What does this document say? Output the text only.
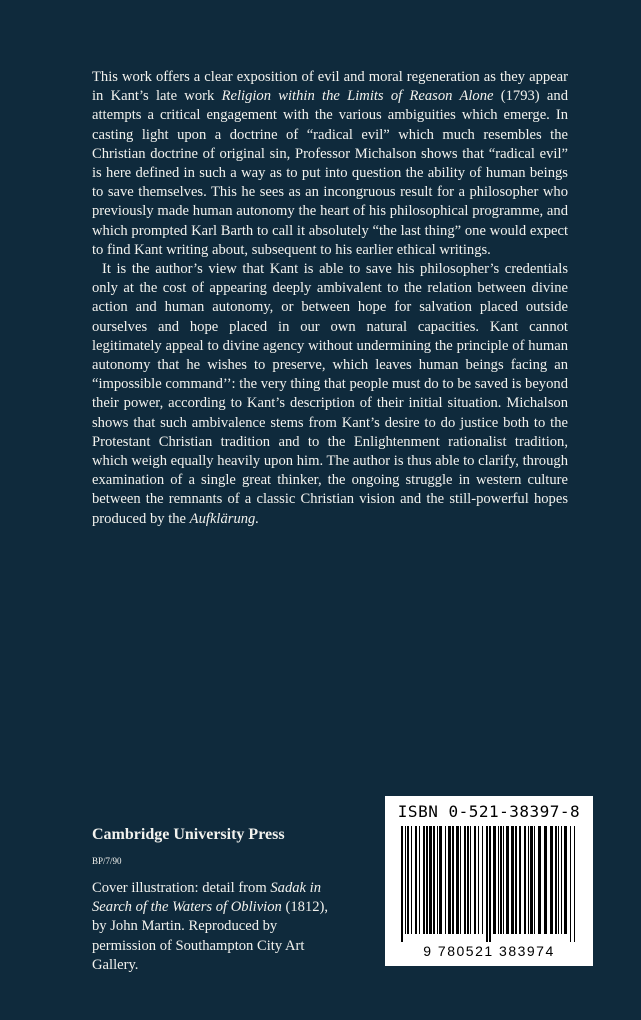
This work offers a clear exposition of evil and moral regeneration as they appear in Kant’s late work Religion within the Limits of Reason Alone (1793) and attempts a critical engagement with the various ambiguities which emerge. In casting light upon a doctrine of “radical evil” which much resembles the Christian doctrine of original sin, Professor Michalson shows that “radical evil” is here defined in such a way as to put into question the ability of human beings to save themselves. This he sees as an incongruous result for a philosopher who previously made human autonomy the heart of his philosophical programme, and which prompted Karl Barth to call it absolutely “the last thing” one would expect to find Kant writing about, subsequent to his earlier ethical writings.

It is the author’s view that Kant is able to save his philosopher’s credentials only at the cost of appearing deeply ambivalent to the relation between divine action and human autonomy, or between hope for salvation placed outside ourselves and hope placed in our own natural capacities. Kant cannot legitimately appeal to divine agency without undermining the principle of human autonomy that he wishes to preserve, which leaves human beings facing an “impossible command’’: the very thing that people must do to be saved is beyond their power, according to Kant’s description of their initial situation. Michalson shows that such ambivalence stems from Kant’s desire to do justice both to the Protestant Christian tradition and to the Enlightenment rationalist tradition, which weigh equally heavily upon him. The author is thus able to clarify, through examination of a single great thinker, the ongoing struggle in western culture between the remnants of a classic Christian vision and the still-powerful hopes produced by the Aufklärung.

Cambridge University Press
BP/7/90
Cover illustration: detail from Sadak in Search of the Waters of Oblivion (1812), by John Martin. Reproduced by permission of Southampton City Art Gallery.
ISBN 0-521-38397-8
9 780521 383974
